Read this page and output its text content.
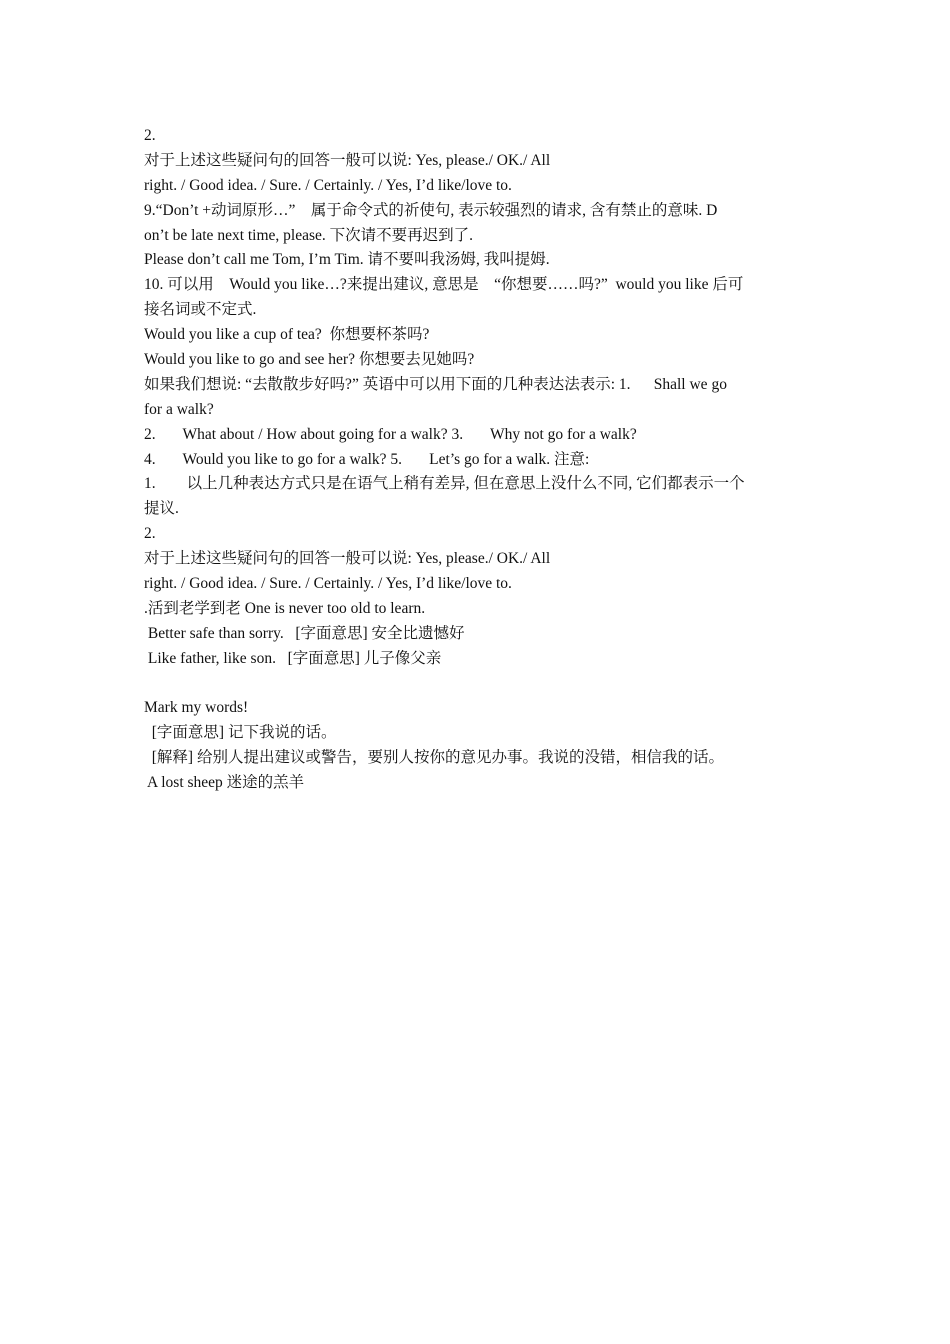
2.
对于上述这些疑问句的回答一般可以说: Yes, please./ OK./ All
right. / Good idea. / Sure. / Certainly. / Yes, I’d like/love to.
9.“Don’t +动词原形…”    属于命令式的祈使句, 表示较强烈的请求, 含有禁止的意味. D
on’t be late next time, please. 下次请不要再迟到了.
Please don’t call me Tom, I’m Tim. 请不要叫我汤姆, 我叫提姆.
10. 可以用    Would you like…?来提出建议, 意思是    “你想要……吗?”  would you like 后可
接名词或不定式.
Would you like a cup of tea?  你想要杯茶吗?
Would you like to go and see her? 你想要去见她吗?
如果我们想说: “去散散步好吗?” 英语中可以用下面的几种表达法表示: 1.      Shall we go
for a walk?
2.       What about / How about going for a walk? 3.       Why not go for a walk?
4.       Would you like to go for a walk? 5.       Let’s go for a walk. 注意:
1.        以上几种表达方式只是在语气上稍有差异, 但在意思上没什么不同, 它们都表示一个
提议.
2.
对于上述这些疑问句的回答一般可以说: Yes, please./ OK./ All
right. / Good idea. / Sure. / Certainly. / Yes, I’d like/love to.
.活到老学到老 One is never too old to learn.
Better safe than sorry.   [字面意思] 安全比遗憾好
Like father, like son.   [字面意思] 儿子像父亲
Mark my words!
[字面意思] 记下我说的话。
[解释] 给别人提出建议或警告，要别人按你的意见办事。我说的没错，相信我的话。
A lost sheep 迷途的羔羊
